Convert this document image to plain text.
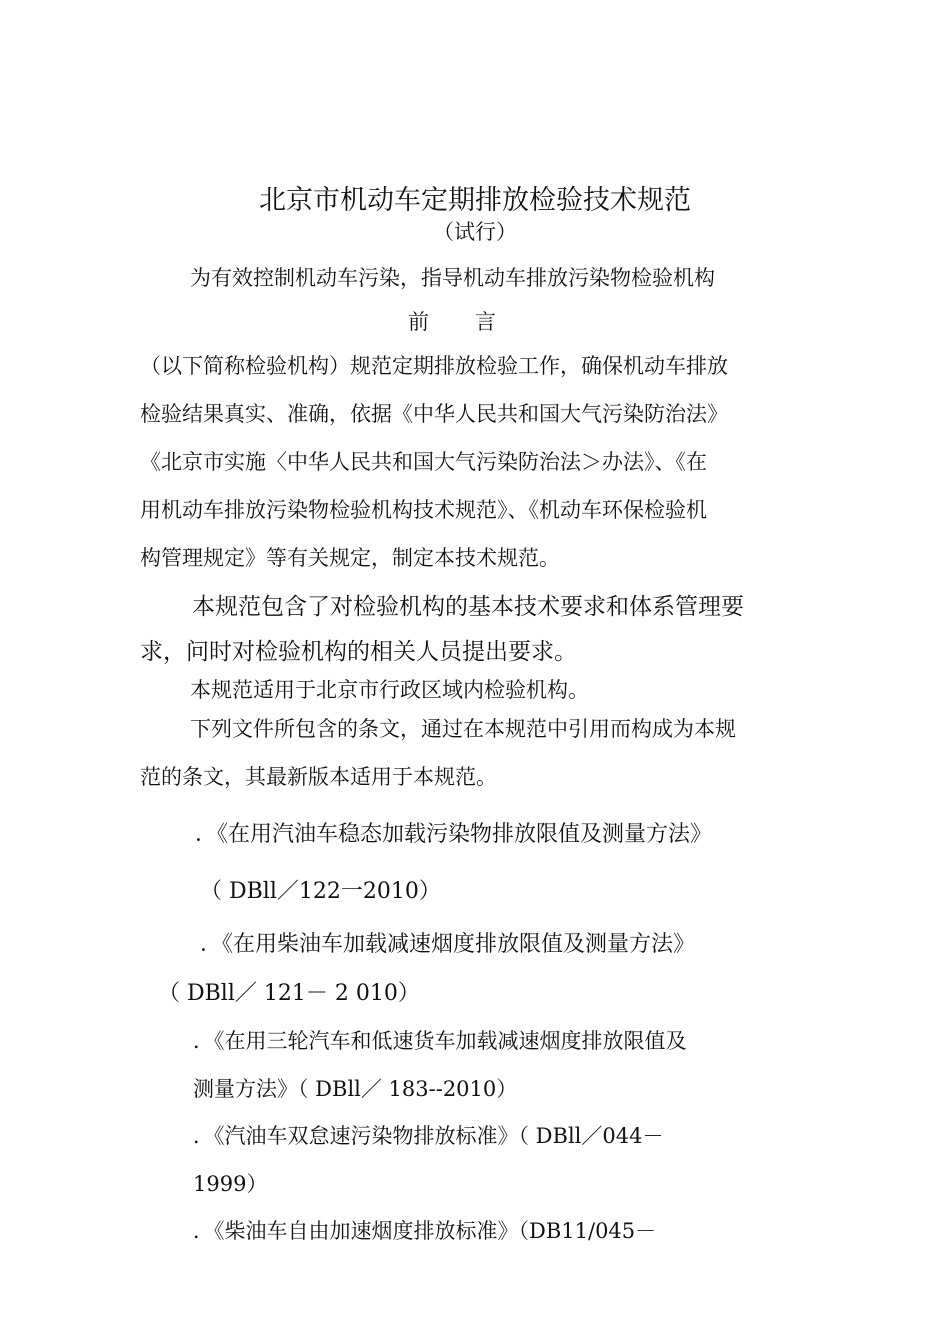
北京市机动车定期排放检验技术规范
（试行）
为有效控制机动车污染，指导机动车排放污染物检验机构
前言
（以下简称检验机构）规范定期排放检验工作，确保机动车排放
检验结果真实、准确，依据《中华人民共和国大气污染防治法》
《北京市实施〈中华人民共和国大气污染防治法＞办法》、《在
用机动车排放污染物检验机构技术规范》、《机动车环保检验机
构管理规定》等有关规定，制定本技术规范。
本规范包含了对检验机构的基本技术要求和体系管理要
求，问时对检验机构的相关人员提出要求。
本规范适用于北京市行政区域内检验机构。
下列文件所包含的条文，通过在本规范中引用而构成为本规
范的条文，其最新版本适用于本规范。
．《在用汽油车稳态加载污染物排放限值及测量方法》
（ DBll／122一2010）
．《在用柴油车加载减速烟度排放限值及测量方法》
（ DBll／ 121－ 2 010）
．《在用三轮汽车和低速货车加载减速烟度排放限值及
测量方法》（ DBll／ 183--2010）
．《汽油车双怠速污染物排放标准》（ DBll／044－
1999）
．《柴油车自由加速烟度排放标准》（DB11/045－
